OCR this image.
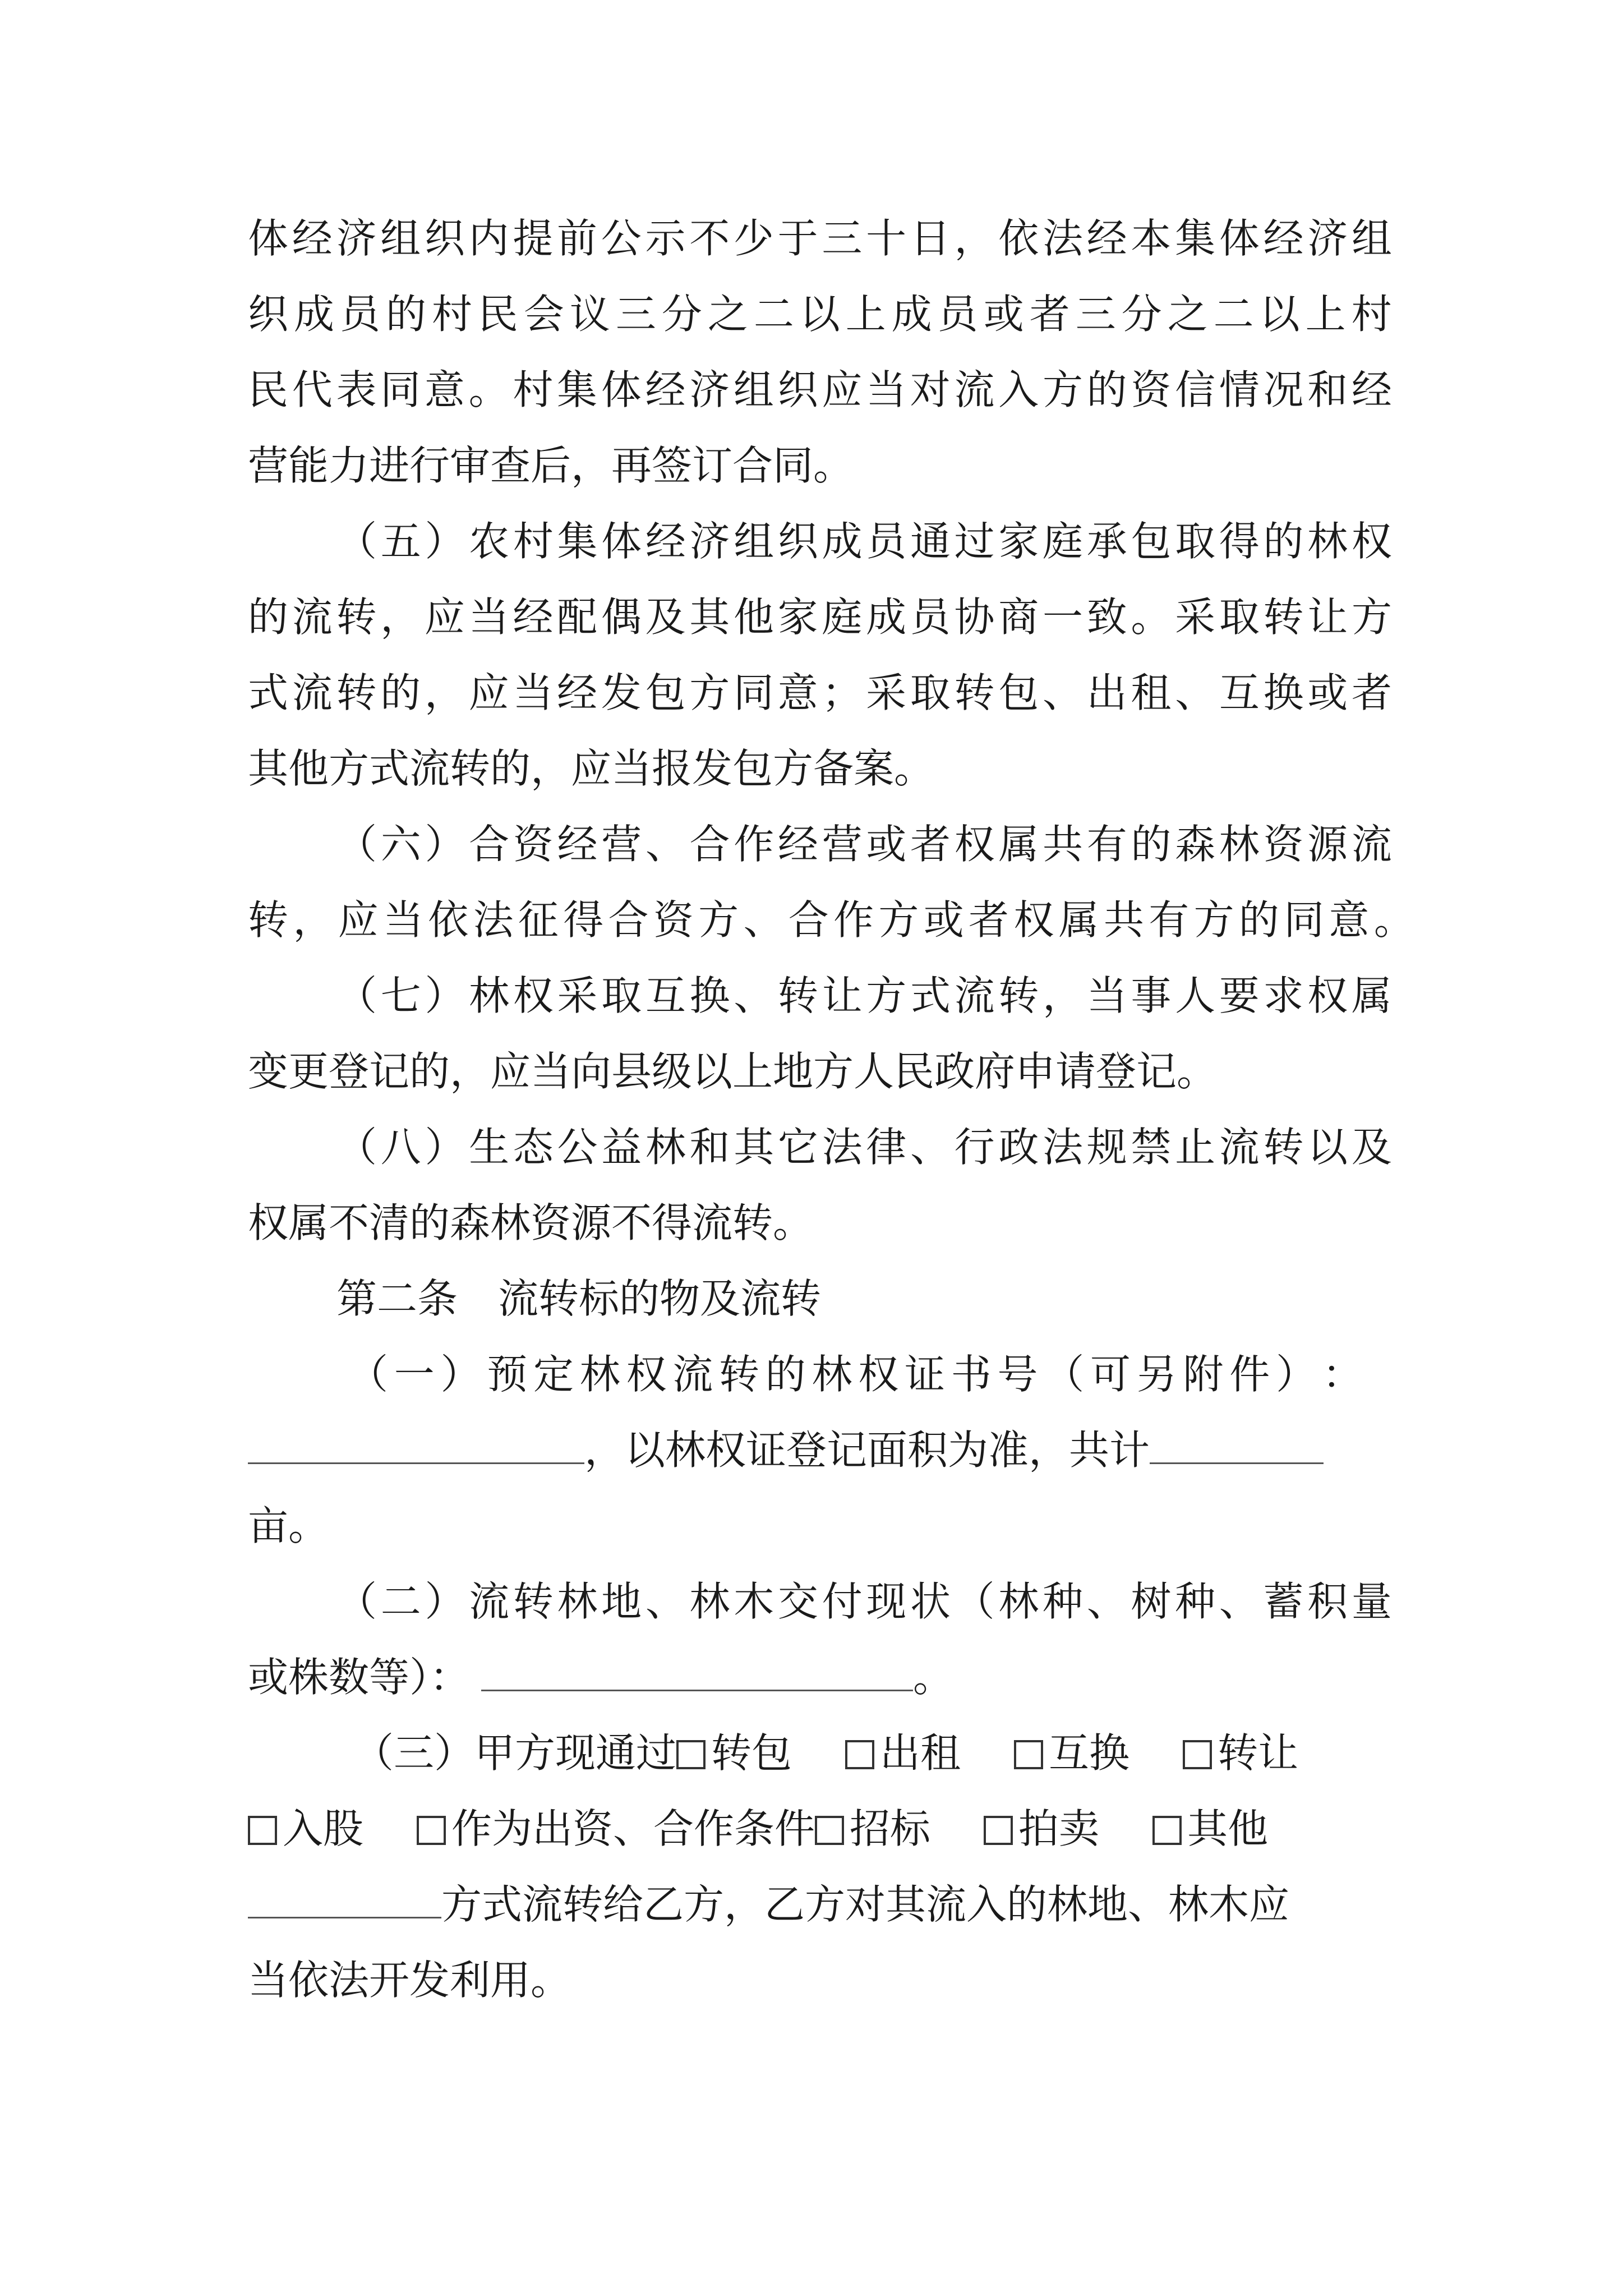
体 经 济 组 织 内 提 前 公 示 不 少 于 三 十 日 ， 依 法 经 本 集 体 经 济 组
织 成 员 的 村 民 会 议 三 分 之 二 以 上 成 员 或 者 三 分 之 二 以 上 村
民 代 表 同 意 。 村 集 体 经 济 组 织 应 当 对 流 入 方 的 资 信 情 况 和 经
营能力进行审查后，再签订合同。
（ 五 ） 农 村 集 体 经 济 组 织 成 员 通 过 家 庭 承 包 取 得 的 林 权
的 流 转 ， 应 当 经 配 偶 及 其 他 家 庭 成 员 协 商 一 致 。 采 取 转 让 方
式 流 转 的 ， 应 当 经 发 包 方 同 意 ； 采 取 转 包 、 出 租 、 互 换 或 者
其他方式流转的，应当报发包方备案。
（ 六 ） 合 资 经 营 、 合 作 经 营 或 者 权 属 共 有 的 森 林 资 源 流
转 ， 应 当 依 法 征 得 合 资 方 、 合 作 方 或 者 权 属 共 有 方 的 同 意 。
（ 七 ） 林 权 采 取 互 换 、 转 让 方 式 流 转 ， 当 事 人 要 求 权 属
变更登记的，应当向县级以上地方人民政府申请登记。
（ 八 ） 生 态 公 益 林 和 其 它 法 律 、 行 政 法 规 禁 止 流 转 以 及
权属不清的森林资源不得流转。
第二条　流转标的物及流转
（ 一 ） 预 定 林 权 流 转 的 林 权 证 书 号 （ 可 另 附 件 ） ：
，以林权证登记面积为准，共计
亩。
（ 二 ） 流 转 林 地 、 林 木 交 付 现 状 （ 林 种 、 树 种 、 蓄 积 量
或株数等）：	。
（三）甲方现通过 转包 出租 互换 转让
入股 作为出资、合作条件 招标 拍卖 其他
方式流转给乙方，乙方对其流入的林地、林木应
当依法开发利用。
